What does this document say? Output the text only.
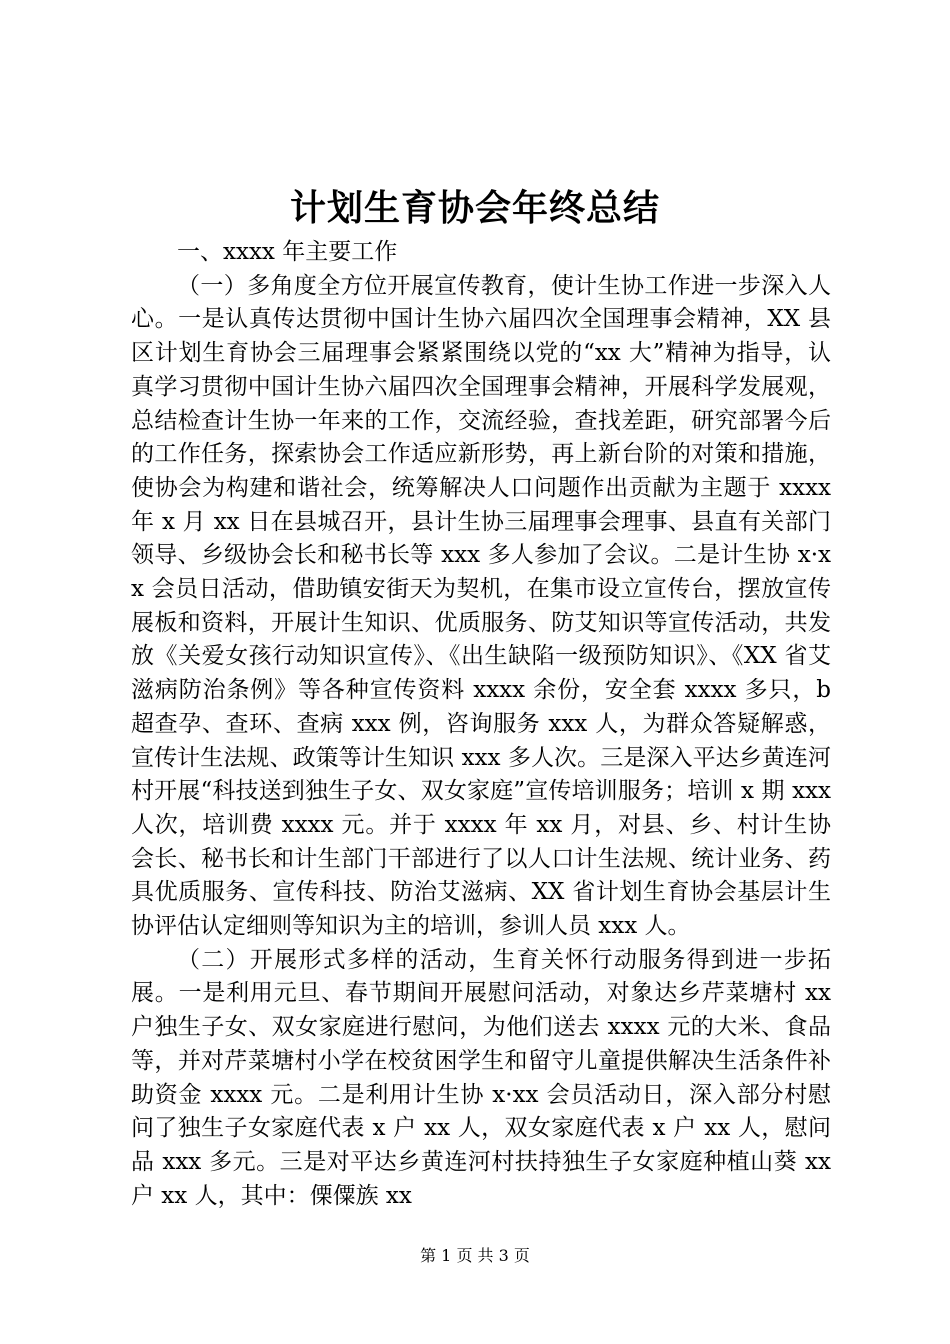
计划生育协会年终总结

一、xxxx 年主要工作

（一）多角度全方位开展宣传教育，使计生协工作进一步深入人心。一是认真传达贯彻中国计生协六届四次全国理事会精神，XX 县区计划生育协会三届理事会紧紧围绕以党的“xx 大”精神为指导，认真学习贯彻中国计生协六届四次全国理事会精神，开展科学发展观，总结检查计生协一年来的工作，交流经验，查找差距，研究部署今后的工作任务，探索协会工作适应新形势，再上新台阶的对策和措施，使协会为构建和谐社会，统筹解决人口问题作出贡献为主题于 xxxx 年 x 月 xx 日在县城召开，县计生协三届理事会理事、县直有关部门领导、乡级协会长和秘书长等 xxx 多人参加了会议。二是计生协 x·xx 会员日活动，借助镇安街天为契机，在集市设立宣传台，摆放宣传展板和资料，开展计生知识、优质服务、防艾知识等宣传活动，共发放《关爱女孩行动知识宣传》、《出生缺陷一级预防知识》、《XX 省艾滋病防治条例》等各种宣传资料 xxxx 余份，安全套 xxxx 多只，b 超查孕、查环、查病 xxx 例，咨询服务 xxx 人，为群众答疑解惑，宣传计生法规、政策等计生知识 xxx 多人次。三是深入平达乡黄连河村开展“科技送到独生子女、双女家庭”宣传培训服务；培训 x 期 xxx 人次，培训费 xxxx 元。并于 xxxx 年 xx 月，对县、乡、村计生协会长、秘书长和计生部门干部进行了以人口计生法规、统计业务、药具优质服务、宣传科技、防治艾滋病、XX 省计划生育协会基层计生协评估认定细则等知识为主的培训，参训人员 xxx 人。

（二）开展形式多样的活动，生育关怀行动服务得到进一步拓展。一是利用元旦、春节期间开展慰问活动，对象达乡芹菜塘村 xx 户独生子女、双女家庭进行慰问，为他们送去 xxxx 元的大米、食品等，并对芹菜塘村小学在校贫困学生和留守儿童提供解决生活条件补助资金 xxxx 元。二是利用计生协 x·xx 会员活动日，深入部分村慰问了独生子女家庭代表 x 户 xx 人，双女家庭代表 x 户 xx 人，慰问品 xxx 多元。三是对平达乡黄连河村扶持独生子女家庭种植山葵 xx 户 xx 人，其中：傈僳族 xx

第 1 页 共 3 页
